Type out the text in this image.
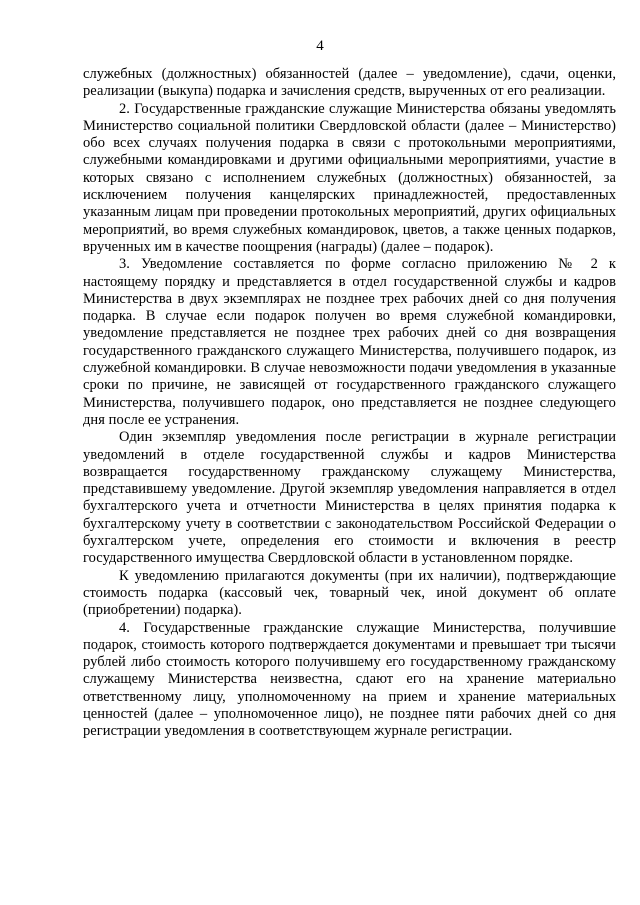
4

служебных (должностных) обязанностей (далее – уведомление), сдачи, оценки, реализации (выкупа) подарка и зачисления средств, вырученных от его реализации.

2. Государственные гражданские служащие Министерства обязаны уведомлять Министерство социальной политики Свердловской области (далее – Министерство) обо всех случаях получения подарка в связи с протокольными мероприятиями, служебными командировками и другими официальными мероприятиями, участие в которых связано с исполнением служебных (должностных) обязанностей, за исключением получения канцелярских принадлежностей, предоставленных указанным лицам при проведении протокольных мероприятий, других официальных мероприятий, во время служебных командировок, цветов, а также ценных подарков, врученных им в качестве поощрения (награды) (далее – подарок).

3. Уведомление составляется по форме согласно приложению № 2 к настоящему порядку и представляется в отдел государственной службы и кадров Министерства в двух экземплярах не позднее трех рабочих дней со дня получения подарка. В случае если подарок получен во время служебной командировки, уведомление представляется не позднее трех рабочих дней со дня возвращения государственного гражданского служащего Министерства, получившего подарок, из служебной командировки. В случае невозможности подачи уведомления в указанные сроки по причине, не зависящей от государственного гражданского служащего Министерства, получившего подарок, оно представляется не позднее следующего дня после ее устранения.

Один экземпляр уведомления после регистрации в журнале регистрации уведомлений в отделе государственной службы и кадров Министерства возвращается государственному гражданскому служащему Министерства, представившему уведомление. Другой экземпляр уведомления направляется в отдел бухгалтерского учета и отчетности Министерства в целях принятия подарка к бухгалтерскому учету в соответствии с законодательством Российской Федерации о бухгалтерском учете, определения его стоимости и включения в реестр государственного имущества Свердловской области в установленном порядке.

К уведомлению прилагаются документы (при их наличии), подтверждающие стоимость подарка (кассовый чек, товарный чек, иной документ об оплате (приобретении) подарка).

4. Государственные гражданские служащие Министерства, получившие подарок, стоимость которого подтверждается документами и превышает три тысячи рублей либо стоимость которого получившему его государственному гражданскому служащему Министерства неизвестна, сдают его на хранение материально ответственному лицу, уполномоченному на прием и хранение материальных ценностей (далее – уполномоченное лицо), не позднее пяти рабочих дней со дня регистрации уведомления в соответствующем журнале регистрации.
